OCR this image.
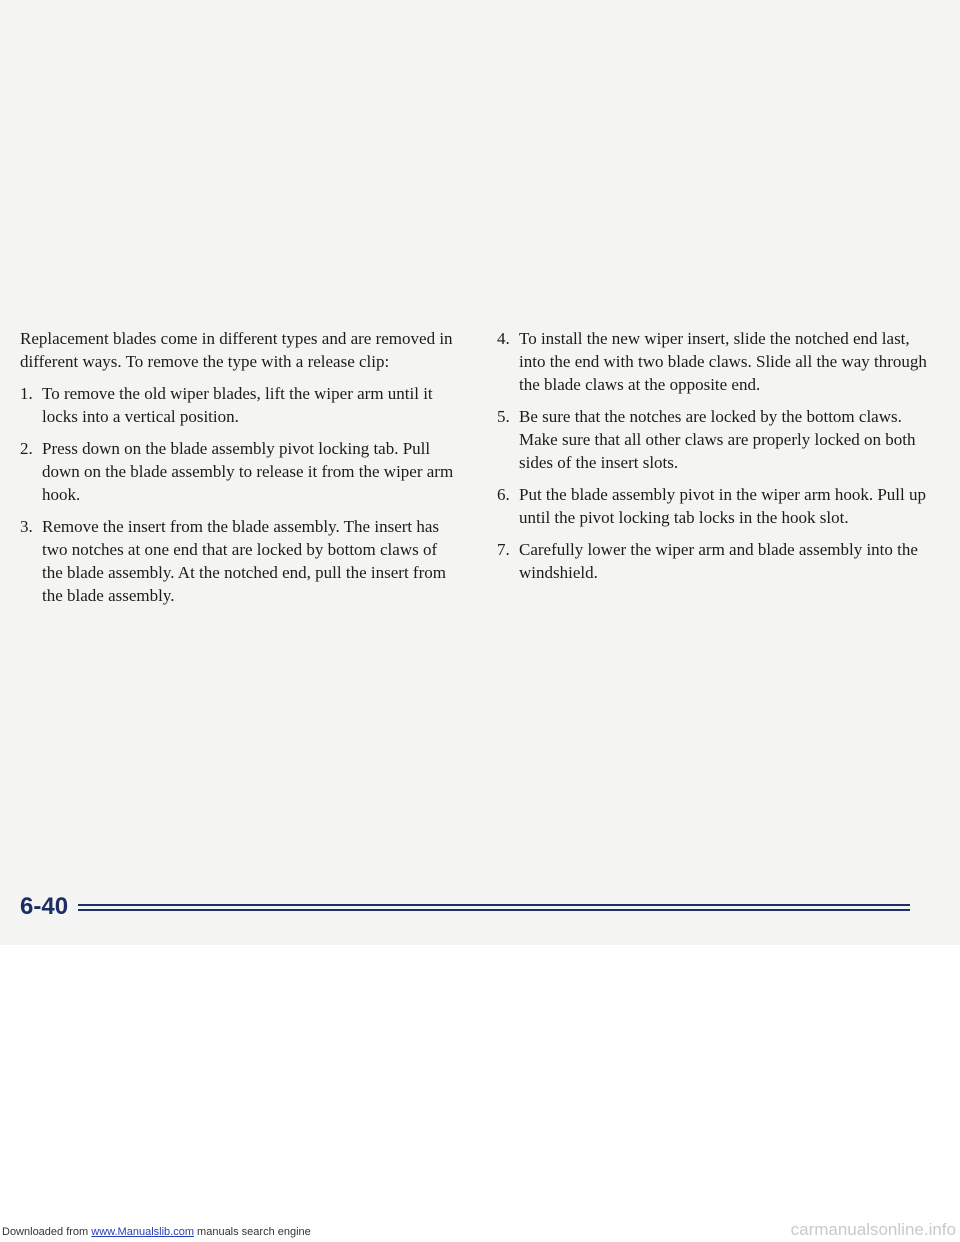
Replacement blades come in different types and are removed in different ways. To remove the type with a release clip:

1. To remove the old wiper blades, lift the wiper arm until it locks into a vertical position.
2. Press down on the blade assembly pivot locking tab. Pull down on the blade assembly to release it from the wiper arm hook.
3. Remove the insert from the blade assembly. The insert has two notches at one end that are locked by bottom claws of the blade assembly. At the notched end, pull the insert from the blade assembly.
4. To install the new wiper insert, slide the notched end last, into the end with two blade claws. Slide all the way through the blade claws at the opposite end.
5. Be sure that the notches are locked by the bottom claws. Make sure that all other claws are properly locked on both sides of the insert slots.
6. Put the blade assembly pivot in the wiper arm hook. Pull up until the pivot locking tab locks in the hook slot.
7. Carefully lower the wiper arm and blade assembly into the windshield.
6-40
Downloaded from www.Manualslib.com manuals search engine	carmanualsonline.info
